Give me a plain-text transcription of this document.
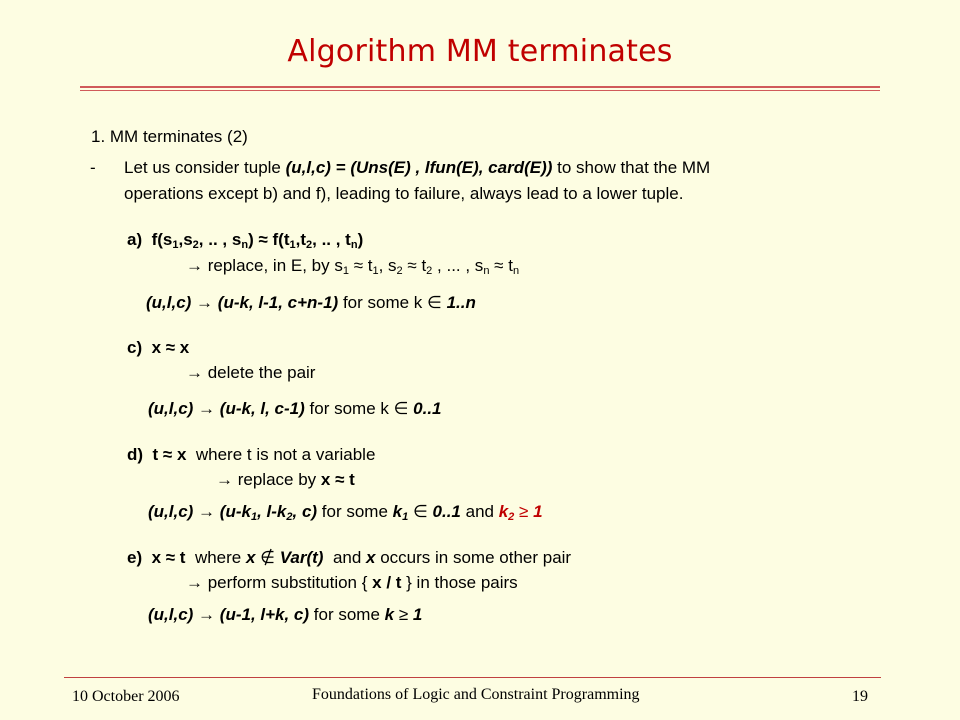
Algorithm MM terminates
1. MM terminates (2)
- Let us consider tuple (u,l,c) = (Uns(E) , lfun(E), card(E)) to show that the MM
operations except b) and f), leading to failure, always lead to a lower tuple.
a) $f(s_1,s_2$, .. , $s_n) \approx f(t_1,t_2$, .. , $t_n$)
→ replace, in E, by $s_1 \approx t_1$, $s_2 \approx t_2$ , ... , $s_n \approx t_n$
(u,l,c) → (u-k, l-1, c+n-1) for some k ∈ 1..n
c) x ≈ x
→ delete the pair
(u,l,c) → (u-k, l, c-1) for some k ∈ 0..1
d) t ≈ x where t is not a variable
→ replace by x ≈ t
$(u,l,c) \to (u-k_1$, $l-k_2$, c) for some $k_1$ ∈ 0..1 and $k_2 \ge 1$
e) x ≈ t where x ∉ Var(t) and x occurs in some other pair
→ perform substitution { x / t } in those pairs
(u,l,c) → (u-1, l+k, c) for some k ≥ 1
10 October 2006	Foundations of Logic and Constraint Programming	19
